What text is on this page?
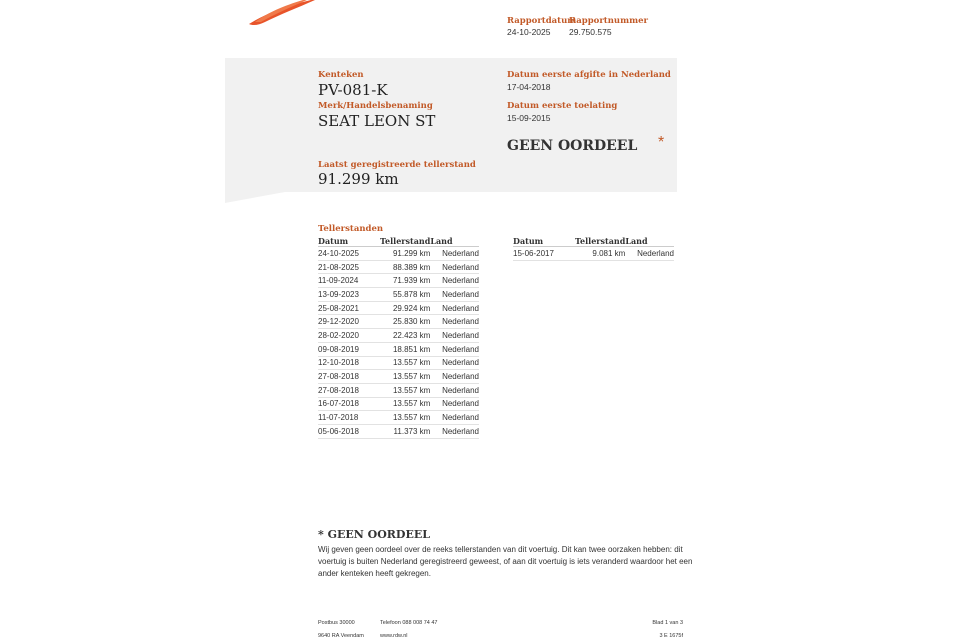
Rapportdatum
24-10-2025
Rapportnummer
29.750.575
Kenteken
PV-081-K
Merk/Handelsbenaming
SEAT LEON ST
Datum eerste afgifte in Nederland
17-04-2018
Datum eerste toelating
15-09-2015
GEEN OORDEEL *
Laatst geregistreerde tellerstand
91.299 km
Tellerstanden
Datum	Tellerstand	Land
24-10-2025	91.299 km	Nederland
21-08-2025	88.389 km	Nederland
11-09-2024	71.939 km	Nederland
13-09-2023	55.878 km	Nederland
25-08-2021	29.924 km	Nederland
29-12-2020	25.830 km	Nederland
28-02-2020	22.423 km	Nederland
09-08-2019	18.851 km	Nederland
12-10-2018	13.557 km	Nederland
27-08-2018	13.557 km	Nederland
27-08-2018	13.557 km	Nederland
16-07-2018	13.557 km	Nederland
11-07-2018	13.557 km	Nederland
05-06-2018	11.373 km	Nederland
Datum	Tellerstand	Land
15-06-2017	9.081 km	Nederland
* GEEN OORDEEL
Wij geven geen oordeel over de reeks tellerstanden van dit voertuig. Dit kan twee oorzaken hebben: dit
voertuig is buiten Nederland geregistreerd geweest, of aan dit voertuig is iets veranderd waardoor het een
ander kenteken heeft gekregen.
Postbus 30000
9640 RA Veendam
Telefoon 088 008 74 47
www.rdw.nl
Blad 1 van 3
3 E 1675f
